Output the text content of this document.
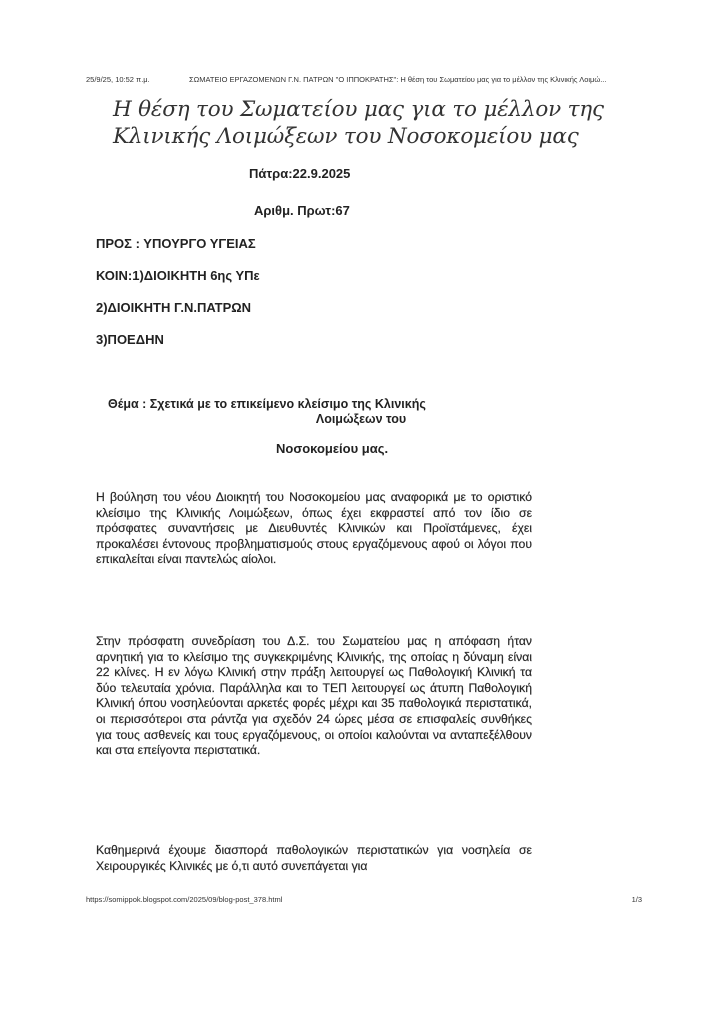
25/9/25, 10:52 π.μ.	ΣΩΜΑΤΕΙΟ ΕΡΓΑΖΟΜΕΝΩΝ Γ.Ν. ΠΑΤΡΩΝ "Ο ΙΠΠΟΚΡΑΤΗΣ": Η θέση του Σωματείου μας για το μέλλον της Κλινικής Λοιμώ...
Η θέση του Σωματείου μας για το μέλλον της
Κλινικής Λοιμώξεων του Νοσοκομείου μας
Πάτρα:22.9.2025
Αριθμ. Πρωτ:67
ΠΡΟΣ : ΥΠΟΥΡΓΟ ΥΓΕΙΑΣ
ΚΟΙΝ:1)ΔΙΟΙΚΗΤΗ 6ης ΥΠε
2)ΔΙΟΙΚΗΤΗ Γ.Ν.ΠΑΤΡΩΝ
3)ΠΟΕΔΗΝ
Θέμα : Σχετικά με το επικείμενο κλείσιμο της Κλινικής
Λοιμώξεων του
Νοσοκομείου μας.
Η βούληση του νέου Διοικητή του Νοσοκομείου μας αναφορικά με το οριστικό κλείσιμο της Κλινικής Λοιμώξεων, όπως έχει εκφραστεί από τον ίδιο σε πρόσφατες συναντήσεις με Διευθυντές Κλινικών και Προϊστάμενες, έχει προκαλέσει έντονους προβληματισμούς στους εργαζόμενους αφού οι λόγοι που επικαλείται είναι παντελώς αίολοι.
Στην πρόσφατη συνεδρίαση του Δ.Σ. του Σωματείου μας η απόφαση ήταν αρνητική για το κλείσιμο της συγκεκριμένης Κλινικής, της οποίας η δύναμη είναι 22 κλίνες. Η εν λόγω Κλινική στην πράξη λειτουργεί ως Παθολογική Κλινική τα δύο τελευταία χρόνια. Παράλληλα και το ΤΕΠ λειτουργεί ως άτυπη Παθολογική Κλινική όπου νοσηλεύονται αρκετές φορές μέχρι και 35 παθολογικά περιστατικά, οι περισσότεροι στα ράντζα για σχεδόν 24 ώρες μέσα σε επισφαλείς συνθήκες για τους ασθενείς και τους εργαζόμενους, οι οποίοι καλούνται να ανταπεξέλθουν και στα επείγοντα περιστατικά.
Καθημερινά έχουμε διασπορά παθολογικών περιστατικών για νοσηλεία σε Χειρουργικές Κλινικές με ό,τι αυτό συνεπάγεται για
https://somippok.blogspot.com/2025/09/blog-post_378.html	1/3
